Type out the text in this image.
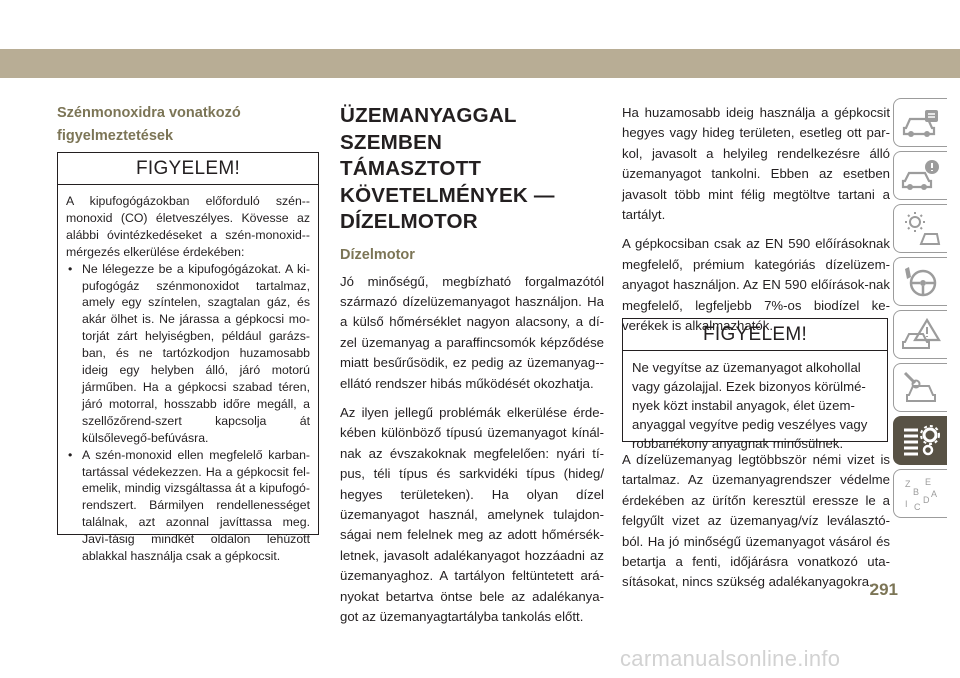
Szénmonoxidra vonatkozó

figyelmeztetések

FIGYELEM!

A kipufogógázokban előforduló szén--monoxid (CO) életveszélyes. Kövesse az alábbi óvintézkedéseket a szén-monoxid--mérgezés elkerülése érdekében:

• Ne lélegezze be a kipufogógázokat. A ki-pufogógáz szénmonoxidot tartalmaz, amely egy színtelen, szagtalan gáz, és akár ölhet is. Ne járassa a gépkocsi mo-torját zárt helyiségben, például garázs-ban, és ne tartózkodjon huzamosabb ideig egy helyben álló, járó motorú járműben. Ha a gépkocsi szabad téren, járó motorral, hosszabb időre megáll, a szellőzőrend-szert kapcsolja át külsőlevegő-befúvásra.
• A szén-monoxid ellen megfelelő karban-tartással védekezzen. Ha a gépkocsit fel-emelik, mindig vizsgáltassa át a kipufogó-rendszert. Bármilyen rendellenességet találnak, azt azonnal javíttassa meg. Javí-tásig mindkét oldalon lehúzott ablakkal használja csak a gépkocsit.
ÜZEMANYAGGAL SZEMBEN
TÁMASZTOTT
KÖVETELMÉNYEK —
DÍZELMOTOR
Dízelmotor

Jó minőségű, megbízható forgalmazótól származó dízelüzemanyagot használjon. Ha a külső hőmérséklet nagyon alacsony, a dí-zel üzemanyag a paraffincsomók képződése miatt besűrűsödik, ez pedig az üzemanyag--ellátó rendszer hibás működését okozhatja.

Az ilyen jellegű problémák elkerülése érde-kében különböző típusú üzemanyagot kínál-nak az évszakoknak megfelelően: nyári tí-pus, téli típus és sarkvidéki típus (hideg/ hegyes területeken). Ha olyan dízel üzemanyagot használ, amelynek tulajdon-ságai nem felelnek meg az adott hőmérsék-letnek, javasolt adalékanyagot hozzáadni az üzemanyaghoz. A tartályon feltüntetett ará-nyokat betartva öntse bele az adalékanya-got az üzemanyagtartályba tankolás előtt.

Ha huzamosabb ideig használja a gépkocsit hegyes vagy hideg területen, esetleg ott par-kol, javasolt a helyileg rendelkezésre álló üzemanyagot tankolni. Ebben az esetben javasolt több mint félig megtöltve tartani a tartályt.

A gépkocsiban csak az EN 590 előírásoknak megfelelő, prémium kategóriás dízelüzem-anyagot használjon. Az EN 590 előírások-nak megfelelő, legfeljebb 7%-os biodízel ke-verékek is alkalmazhatók.

FIGYELEM!
Ne vegyítse az üzemanyagot alkohollal vagy gázolajjal. Ezek bizonyos körülmé-nyek közt instabil anyagok, élet üzem-anyaggal vegyítve pedig veszélyes vagy robbanékony anyagnak minősülnek.

A dízelüzemanyag legtöbbször némi vizet is tartalmaz. Az üzemanyagrendszer védelme érdekében az ürítőn keresztül eressze le a felgyűlt vizet az üzemanyag/víz leválasztó-ból. Ha jó minőségű üzemanyagot vásárol és betartja a fenti, időjárásra vonatkozó uta-sításokat, nincs szükség adalékanyagokra.

Z E
B A
D
I C
291
carmanualsonline.info
